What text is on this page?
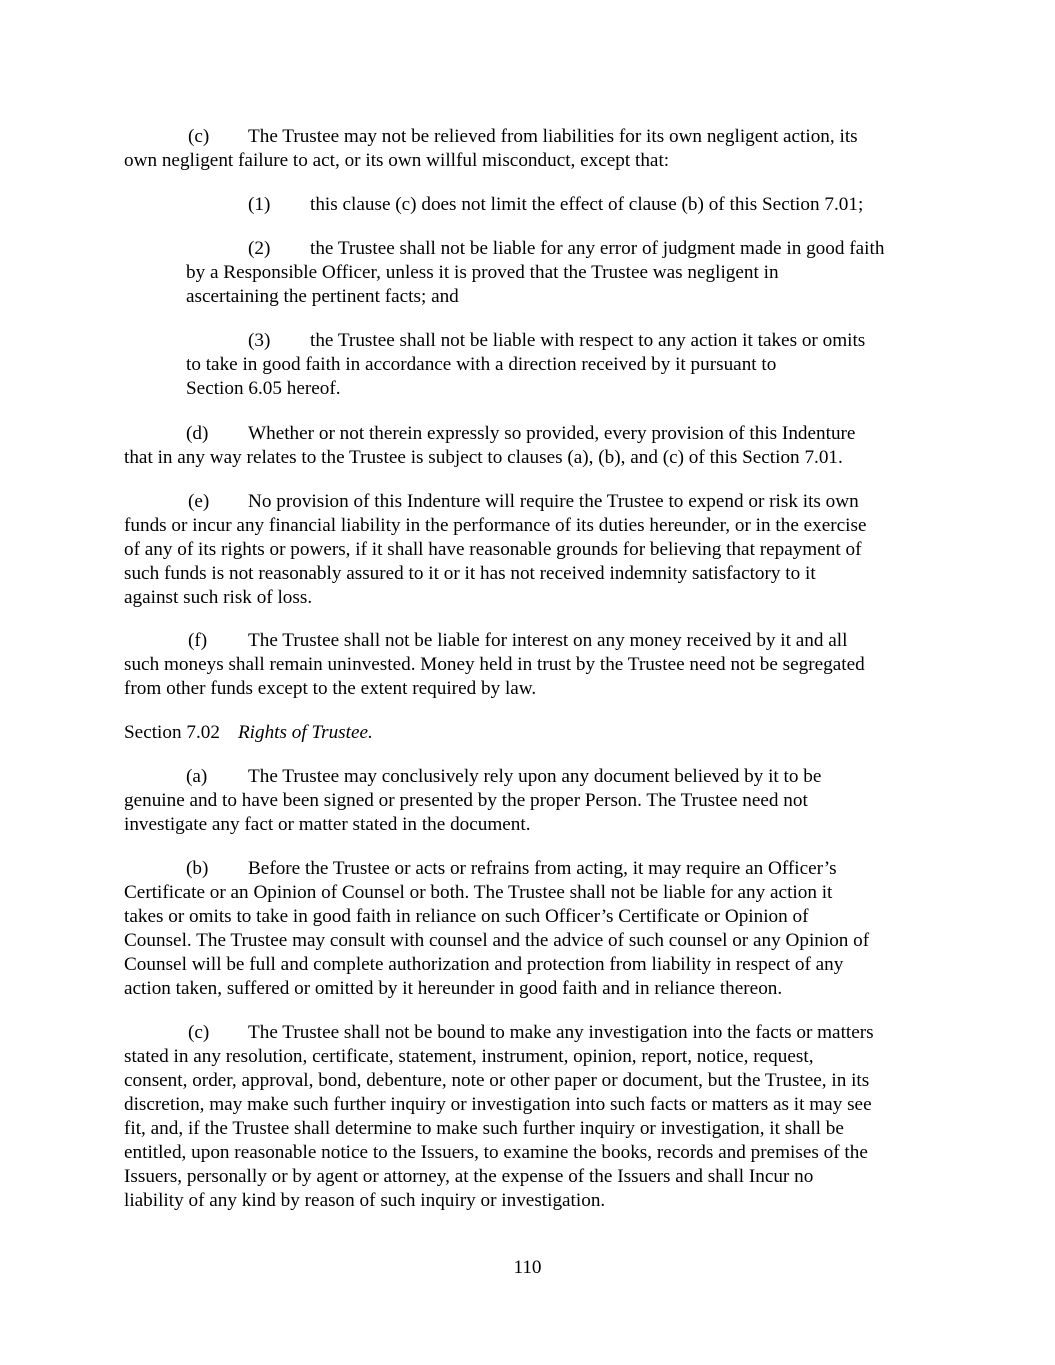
(c) The Trustee may not be relieved from liabilities for its own negligent action, its
own negligent failure to act, or its own willful misconduct, except that:
(1) this clause (c) does not limit the effect of clause (b) of this Section 7.01;
(2) the Trustee shall not be liable for any error of judgment made in good faith
by a Responsible Officer, unless it is proved that the Trustee was negligent in
ascertaining the pertinent facts; and
(3) the Trustee shall not be liable with respect to any action it takes or omits
to take in good faith in accordance with a direction received by it pursuant to
Section 6.05 hereof.
(d) Whether or not therein expressly so provided, every provision of this Indenture
that in any way relates to the Trustee is subject to clauses (a), (b), and (c) of this Section 7.01.
(e) No provision of this Indenture will require the Trustee to expend or risk its own
funds or incur any financial liability in the performance of its duties hereunder, or in the exercise
of any of its rights or powers, if it shall have reasonable grounds for believing that repayment of
such funds is not reasonably assured to it or it has not received indemnity satisfactory to it
against such risk of loss.
(f) The Trustee shall not be liable for interest on any money received by it and all
such moneys shall remain uninvested. Money held in trust by the Trustee need not be segregated
from other funds except to the extent required by law.
Section 7.02 Rights of Trustee.
(a) The Trustee may conclusively rely upon any document believed by it to be
genuine and to have been signed or presented by the proper Person. The Trustee need not
investigate any fact or matter stated in the document.
(b) Before the Trustee or acts or refrains from acting, it may require an Officer’s
Certificate or an Opinion of Counsel or both. The Trustee shall not be liable for any action it
takes or omits to take in good faith in reliance on such Officer’s Certificate or Opinion of
Counsel. The Trustee may consult with counsel and the advice of such counsel or any Opinion of
Counsel will be full and complete authorization and protection from liability in respect of any
action taken, suffered or omitted by it hereunder in good faith and in reliance thereon.
(c) The Trustee shall not be bound to make any investigation into the facts or matters
stated in any resolution, certificate, statement, instrument, opinion, report, notice, request,
consent, order, approval, bond, debenture, note or other paper or document, but the Trustee, in its
discretion, may make such further inquiry or investigation into such facts or matters as it may see
fit, and, if the Trustee shall determine to make such further inquiry or investigation, it shall be
entitled, upon reasonable notice to the Issuers, to examine the books, records and premises of the
Issuers, personally or by agent or attorney, at the expense of the Issuers and shall Incur no
liability of any kind by reason of such inquiry or investigation.
110
